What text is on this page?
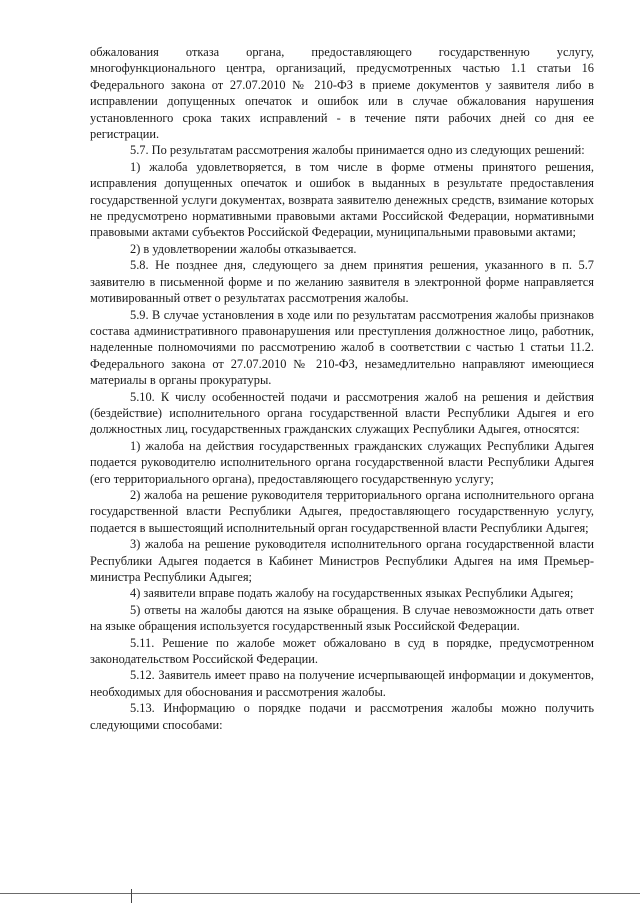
обжалования отказа органа, предоставляющего государственную услугу, многофункционального центра, организаций, предусмотренных частью 1.1 статьи 16 Федерального закона от 27.07.2010 № 210-ФЗ в приеме документов у заявителя либо в исправлении допущенных опечаток и ошибок или в случае обжалования нарушения установленного срока таких исправлений - в течение пяти рабочих дней со дня ее регистрации.

5.7. По результатам рассмотрения жалобы принимается одно из следующих решений:

1) жалоба удовлетворяется, в том числе в форме отмены принятого решения, исправления допущенных опечаток и ошибок в выданных в результате предоставления государственной услуги документах, возврата заявителю денежных средств, взимание которых не предусмотрено нормативными правовыми актами Российской Федерации, нормативными правовыми актами субъектов Российской Федерации, муниципальными правовыми актами;

2) в удовлетворении жалобы отказывается.

5.8. Не позднее дня, следующего за днем принятия решения, указанного в п. 5.7 заявителю в письменной форме и по желанию заявителя в электронной форме направляется мотивированный ответ о результатах рассмотрения жалобы.

5.9. В случае установления в ходе или по результатам рассмотрения жалобы признаков состава административного правонарушения или преступления должностное лицо, работник, наделенные полномочиями по рассмотрению жалоб в соответствии с частью 1 статьи 11.2. Федерального закона от 27.07.2010 № 210-ФЗ, незамедлительно направляют имеющиеся материалы в органы прокуратуры.

5.10. К числу особенностей подачи и рассмотрения жалоб на решения и действия (бездействие) исполнительного органа государственной власти Республики Адыгея и его должностных лиц, государственных гражданских служащих Республики Адыгея, относятся:

1) жалоба на действия государственных гражданских служащих Республики Адыгея подается руководителю исполнительного органа государственной власти Республики Адыгея (его территориального органа), предоставляющего государственную услугу;

2) жалоба на решение руководителя территориального органа исполнительного органа государственной власти Республики Адыгея, предоставляющего государственную услугу, подается в вышестоящий исполнительный орган государственной власти Республики Адыгея;

3) жалоба на решение руководителя исполнительного органа государственной власти Республики Адыгея подается в Кабинет Министров Республики Адыгея на имя Премьер-министра Республики Адыгея;

4) заявители вправе подать жалобу на государственных языках Республики Адыгея;

5) ответы на жалобы даются на языке обращения. В случае невозможности дать ответ на языке обращения используется государственный язык Российской Федерации.

5.11. Решение по жалобе может обжаловано в суд в порядке, предусмотренном законодательством Российской Федерации.

5.12. Заявитель имеет право на получение исчерпывающей информации и документов, необходимых для обоснования и рассмотрения жалобы.

5.13. Информацию о порядке подачи и рассмотрения жалобы можно получить следующими способами:
